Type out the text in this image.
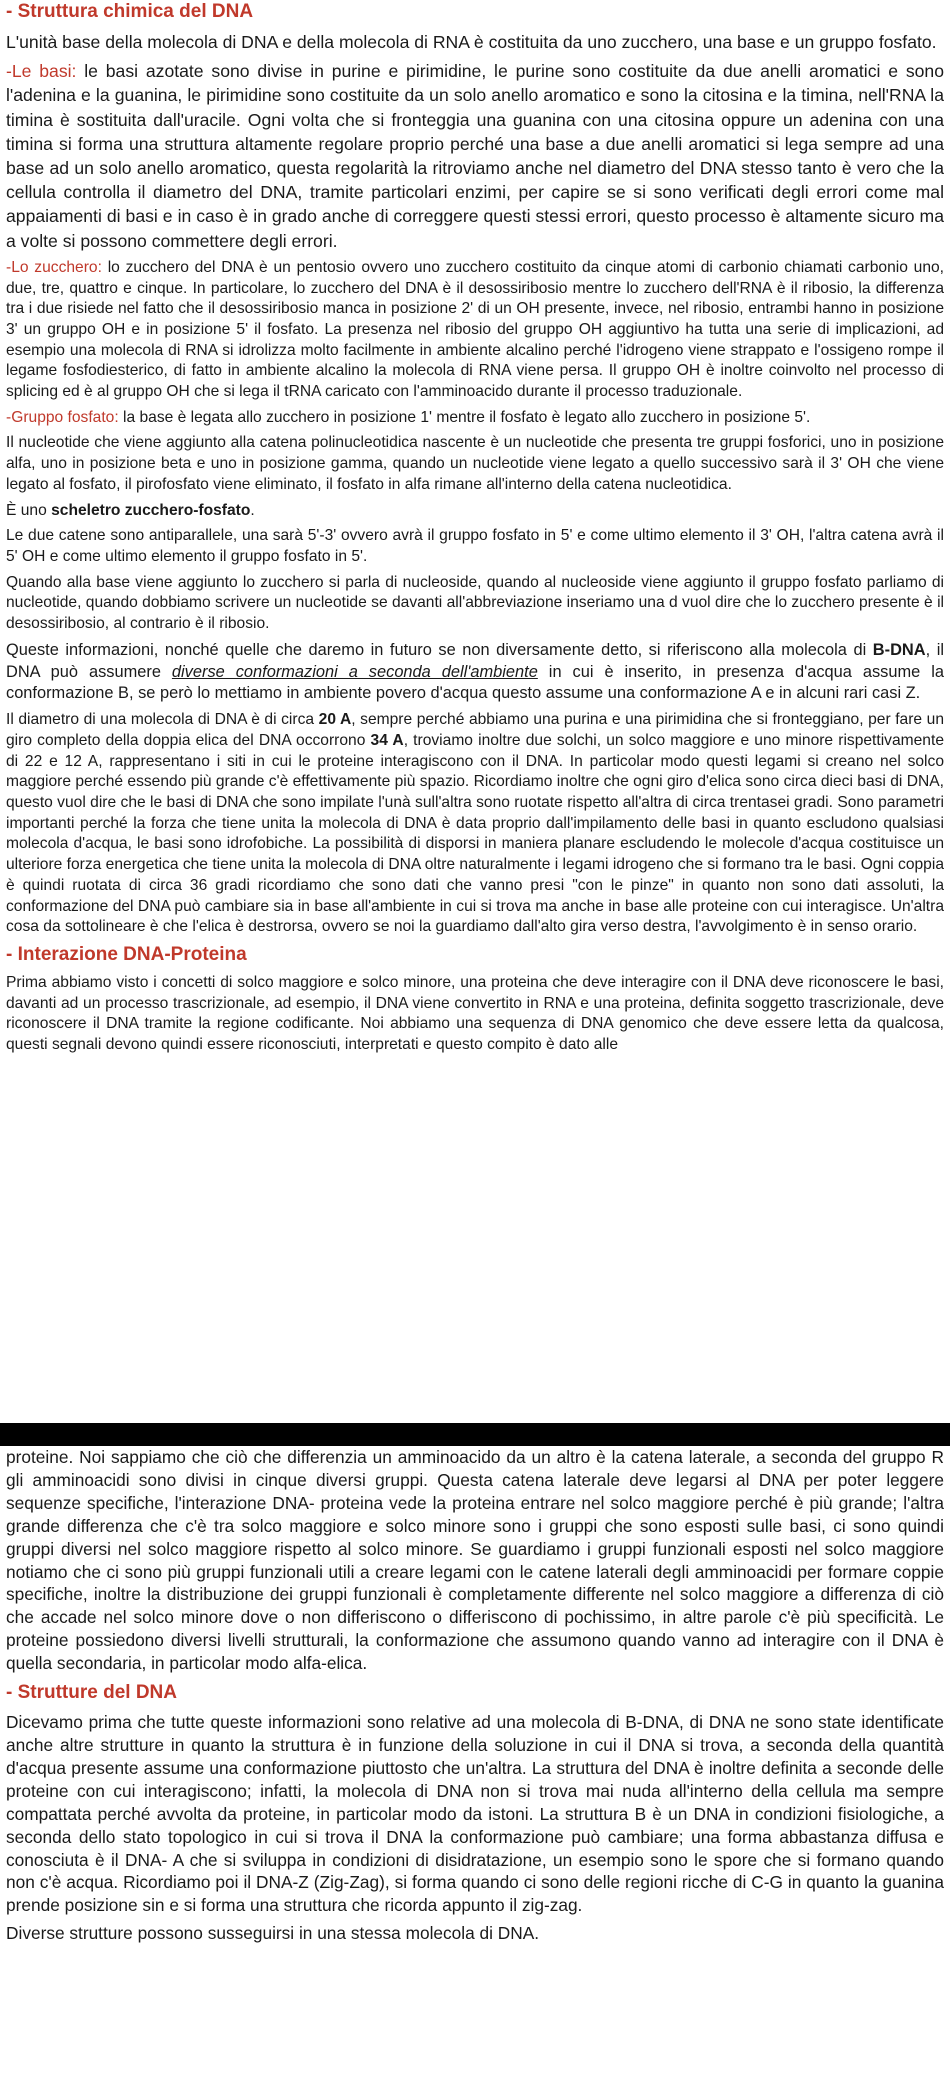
- Struttura chimica del DNA

L'unità base della molecola di DNA e della molecola di RNA è costituita da uno zucchero, una base e un gruppo fosfato.

-Le basi: le basi azotate sono divise in purine e pirimidine, le purine sono costituite da due anelli aromatici e sono l'adenina e la guanina, le pirimidine sono costituite da un solo anello aromatico e sono la citosina e la timina, nell'RNA la timina è sostituita dall'uracile. Ogni volta che si fronteggia una guanina con una citosina oppure un adenina con una timina si forma una struttura altamente regolare proprio perché una base a due anelli aromatici si lega sempre ad una base ad un solo anello aromatico, questa regolarità la ritroviamo anche nel diametro del DNA stesso tanto è vero che la cellula controlla il diametro del DNA, tramite particolari enzimi, per capire se si sono verificati degli errori come mal appaiamenti di basi e in caso è in grado anche di correggere questi stessi errori, questo processo è altamente sicuro ma a volte si possono commettere degli errori.

-Lo zucchero: lo zucchero del DNA è un pentosio ovvero uno zucchero costituito da cinque atomi di carbonio chiamati carbonio uno, due, tre, quattro e cinque. In particolare, lo zucchero del DNA è il desossiribosio mentre lo zucchero dell'RNA è il ribosio, la differenza tra i due risiede nel fatto che il desossiribosio manca in posizione 2' di un OH presente, invece, nel ribosio, entrambi hanno in posizione 3' un gruppo OH e in posizione 5' il fosfato. La presenza nel ribosio del gruppo OH aggiuntivo ha tutta una serie di implicazioni, ad esempio una molecola di RNA si idrolizza molto facilmente in ambiente alcalino perché l'idrogeno viene strappato e l'ossigeno rompe il legame fosfodiesterico, di fatto in ambiente alcalino la molecola di RNA viene persa. Il gruppo OH è inoltre coinvolto nel processo di splicing ed è al gruppo OH che si lega il tRNA caricato con l'amminoacido durante il processo traduzionale.

-Gruppo fosfato: la base è legata allo zucchero in posizione 1' mentre il fosfato è legato allo zucchero in posizione 5'.

Il nucleotide che viene aggiunto alla catena polinucleotidica nascente è un nucleotide che presenta tre gruppi fosforici, uno in posizione alfa, uno in posizione beta e uno in posizione gamma, quando un nucleotide viene legato a quello successivo sarà il 3' OH che viene legato al fosfato, il pirofosfato viene eliminato, il fosfato in alfa rimane all'interno della catena nucleotidica.

È uno scheletro zucchero-fosfato.

Le due catene sono antiparallele, una sarà 5'-3' ovvero avrà il gruppo fosfato in 5' e come ultimo elemento il 3' OH, l'altra catena avrà il 5' OH e come ultimo elemento il gruppo fosfato in 5'.

Quando alla base viene aggiunto lo zucchero si parla di nucleoside, quando al nucleoside viene aggiunto il gruppo fosfato parliamo di nucleotide, quando dobbiamo scrivere un nucleotide se davanti all'abbreviazione inseriamo una d vuol dire che lo zucchero presente è il desossiribosio, al contrario è il ribosio.

Queste informazioni, nonché quelle che daremo in futuro se non diversamente detto, si riferiscono alla molecola di B-DNA, il DNA può assumere diverse conformazioni a seconda dell'ambiente in cui è inserito, in presenza d'acqua assume la conformazione B, se però lo mettiamo in ambiente povero d'acqua questo assume una conformazione A e in alcuni rari casi Z.

Il diametro di una molecola di DNA è di circa 20 A, sempre perché abbiamo una purina e una pirimidina che si fronteggiano, per fare un giro completo della doppia elica del DNA occorrono 34 A, troviamo inoltre due solchi, un solco maggiore e uno minore rispettivamente di 22 e 12 A, rappresentano i siti in cui le proteine interagiscono con il DNA. In particolar modo questi legami si creano nel solco maggiore perché essendo più grande c'è effettivamente più spazio. Ricordiamo inoltre che ogni giro d'elica sono circa dieci basi di DNA, questo vuol dire che le basi di DNA che sono impilate l'unà sull'altra sono ruotate rispetto all'altra di circa trentasei gradi. Sono parametri importanti perché la forza che tiene unita la molecola di DNA è data proprio dall'impilamento delle basi in quanto escludono qualsiasi molecola d'acqua, le basi sono idrofobiche. La possibilità di disporsi in maniera planare escludendo le molecole d'acqua costituisce un ulteriore forza energetica che tiene unita la molecola di DNA oltre naturalmente i legami idrogeno che si formano tra le basi. Ogni coppia è quindi ruotata di circa 36 gradi ricordiamo che sono dati che vanno presi "con le pinze" in quanto non sono dati assoluti, la conformazione del DNA può cambiare sia in base all'ambiente in cui si trova ma anche in base alle proteine con cui interagisce. Un'altra cosa da sottolineare è che l'elica è destrorsa, ovvero se noi la guardiamo dall'alto gira verso destra, l'avvolgimento è in senso orario.

- Interazione DNA-Proteina

Prima abbiamo visto i concetti di solco maggiore e solco minore, una proteina che deve interagire con il DNA deve riconoscere le basi, davanti ad un processo trascrizionale, ad esempio, il DNA viene convertito in RNA e una proteina, definita soggetto trascrizionale, deve riconoscere il DNA tramite la regione codificante. Noi abbiamo una sequenza di DNA genomico che deve essere letta da qualcosa, questi segnali devono quindi essere riconosciuti, interpretati e questo compito è dato alle

proteine. Noi sappiamo che ciò che differenzia un amminoacido da un altro è la catena laterale, a seconda del gruppo R gli amminoacidi sono divisi in cinque diversi gruppi. Questa catena laterale deve legarsi al DNA per poter leggere sequenze specifiche, l'interazione DNA- proteina vede la proteina entrare nel solco maggiore perché è più grande; l'altra grande differenza che c'è tra solco maggiore e solco minore sono i gruppi che sono esposti sulle basi, ci sono quindi gruppi diversi nel solco maggiore rispetto al solco minore. Se guardiamo i gruppi funzionali esposti nel solco maggiore notiamo che ci sono più gruppi funzionali utili a creare legami con le catene laterali degli amminoacidi per formare coppie specifiche, inoltre la distribuzione dei gruppi funzionali è completamente differente nel solco maggiore a differenza di ciò che accade nel solco minore dove o non differiscono o differiscono di pochissimo, in altre parole c'è più specificità. Le proteine possiedono diversi livelli strutturali, la conformazione che assumono quando vanno ad interagire con il DNA è quella secondaria, in particolar modo alfa-elica.

- Strutture del DNA

Dicevamo prima che tutte queste informazioni sono relative ad una molecola di B-DNA, di DNA ne sono state identificate anche altre strutture in quanto la struttura è in funzione della soluzione in cui il DNA si trova, a seconda della quantità d'acqua presente assume una conformazione piuttosto che un'altra. La struttura del DNA è inoltre definita a seconde delle proteine con cui interagiscono; infatti, la molecola di DNA non si trova mai nuda all'interno della cellula ma sempre compattata perché avvolta da proteine, in particolar modo da istoni. La struttura B è un DNA in condizioni fisiologiche, a seconda dello stato topologico in cui si trova il DNA la conformazione può cambiare; una forma abbastanza diffusa e conosciuta è il DNA- A che si sviluppa in condizioni di disidratazione, un esempio sono le spore che si formano quando non c'è acqua. Ricordiamo poi il DNA-Z (Zig-Zag), si forma quando ci sono delle regioni ricche di C-G in quanto la guanina prende posizione sin e si forma una struttura che ricorda appunto il zig-zag.

Diverse strutture possono susseguirsi in una stessa molecola di DNA.
